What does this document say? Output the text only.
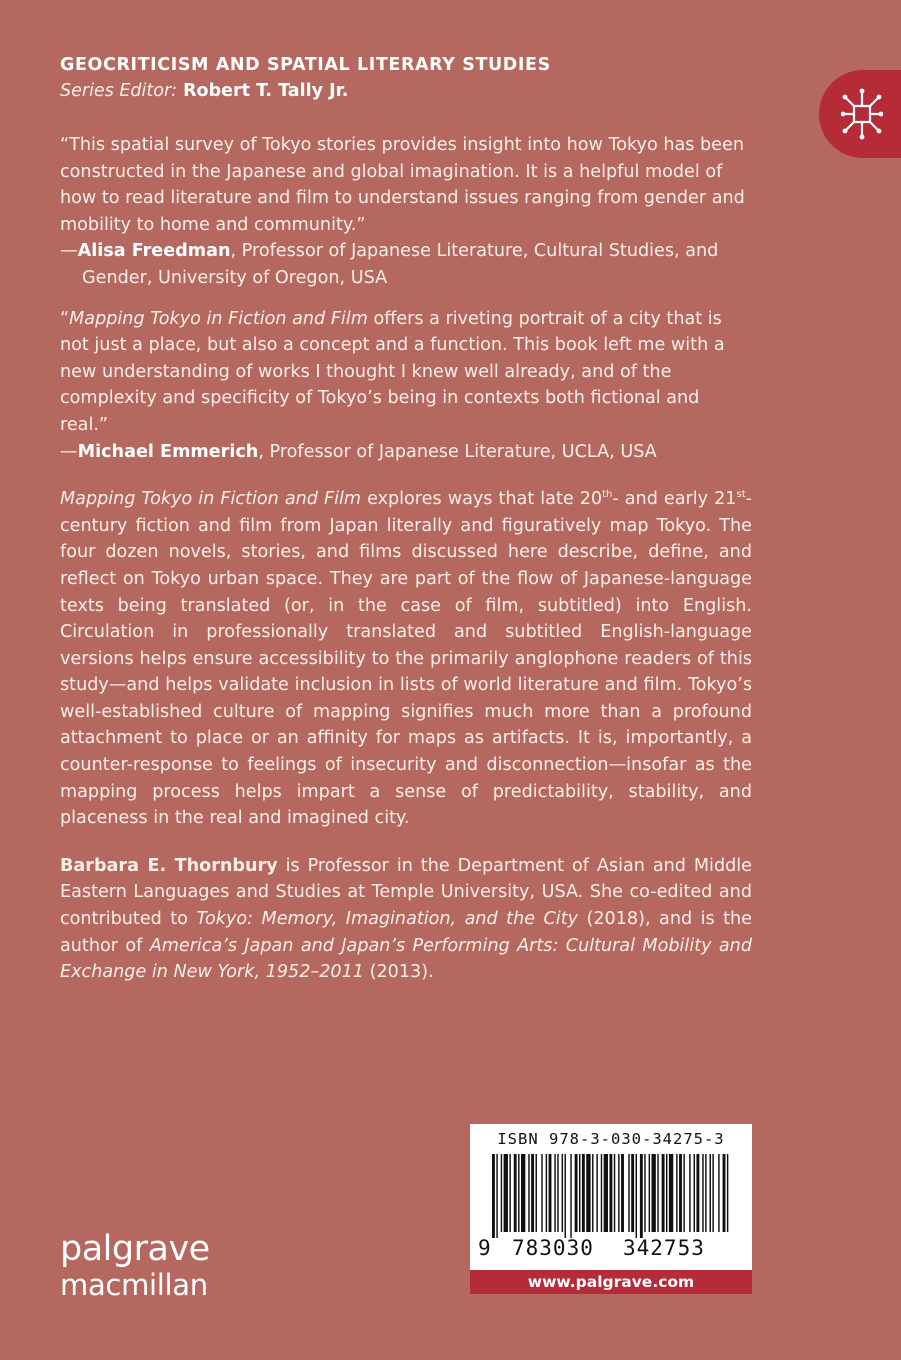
GEOCRITICISM AND SPATIAL LITERARY STUDIES
Series Editor: Robert T. Tally Jr.

“This spatial survey of Tokyo stories provides insight into how Tokyo has been constructed in the Japanese and global imagination. It is a helpful model of how to read literature and film to understand issues ranging from gender and mobility to home and community.”

—Alisa Freedman, Professor of Japanese Literature, Cultural Studies, and Gender, University of Oregon, USA

“Mapping Tokyo in Fiction and Film offers a riveting portrait of a city that is not just a place, but also a concept and a function. This book left me with a new understanding of works I thought I knew well already, and of the complexity and specificity of Tokyo’s being in contexts both fictional and real.”

—Michael Emmerich, Professor of Japanese Literature, UCLA, USA

Mapping Tokyo in Fiction and Film explores ways that late 20th- and early 21st-century fiction and film from Japan literally and figuratively map Tokyo. The four dozen novels, stories, and films discussed here describe, define, and reflect on Tokyo urban space. They are part of the flow of Japanese-language texts being translated (or, in the case of film, subtitled) into English. Circulation in professionally translated and subtitled English-language versions helps ensure accessibility to the primarily anglophone readers of this study—and helps validate inclusion in lists of world literature and film. Tokyo’s well-established culture of mapping signifies much more than a profound attachment to place or an affinity for maps as artifacts. It is, importantly, a counter-response to feelings of insecurity and disconnection—insofar as the mapping process helps impart a sense of predictability, stability, and placeness in the real and imagined city.

Barbara E. Thornbury is Professor in the Department of Asian and Middle Eastern Languages and Studies at Temple University, USA. She co-edited and contributed to Tokyo: Memory, Imagination, and the City (2018), and is the author of America’s Japan and Japan’s Performing Arts: Cultural Mobility and Exchange in New York, 1952–2011 (2013).

ISBN 978-3-030-34275-3
9 783030 342753
www.palgrave.com
palgrave
macmillan
